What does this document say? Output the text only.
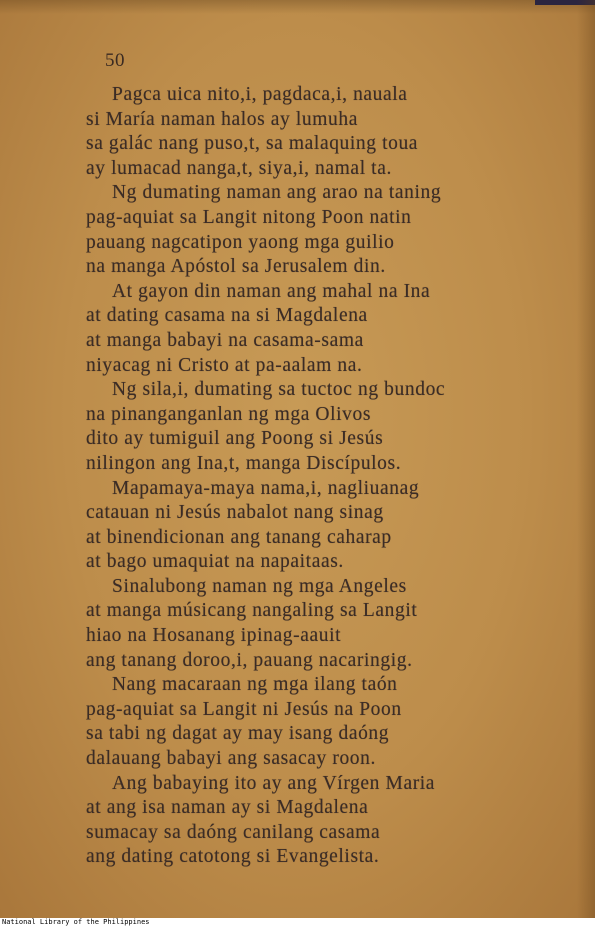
50
Pagca uica nito,i, pagdaca,i, nauala
si María naman halos ay lumuha
sa galác nang puso,t, sa malaquing toua
ay lumacad nanga,t, siya,i, namal ta.
Ng dumating naman ang arao na taning
pag-aquiat sa Langit nitong Poon natin
pauang nagcatipon yaong mga guilio
na manga Apóstol sa Jerusalem din.
At gayon din naman ang mahal na Ina
at dating casama na si Magdalena
at manga babayi na casama-sama
niyacag ni Cristo at pa-aalam na.
Ng sila,i, dumating sa tuctoc ng bundoc
na pinanganganlan ng mga Olivos
dito ay tumiguil ang Poong si Jesús
nilingon ang Ina,t, manga Discípulos.
Mapamaya-maya nama,i, nagliuanag
catauan ni Jesús nabalot nang sinag
at binendicionan ang tanang caharap
at bago umaquiat na napaitaas.
Sinalubong naman ng mga Angeles
at manga músicang nangaling sa Langit
hiao na Hosanang ipinag-aauit
ang tanang doroo,i, pauang nacaringig.
Nang macaraan ng mga ilang taón
pag-aquiat sa Langit ni Jesús na Poon
sa tabi ng dagat ay may isang daóng
dalauang babayi ang sasacay roon.
Ang babaying ito ay ang Vírgen Maria
at ang isa naman ay si Magdalena
sumacay sa daóng canilang casama
ang dating catotong si Evangelista.
National Library of the Philippines
